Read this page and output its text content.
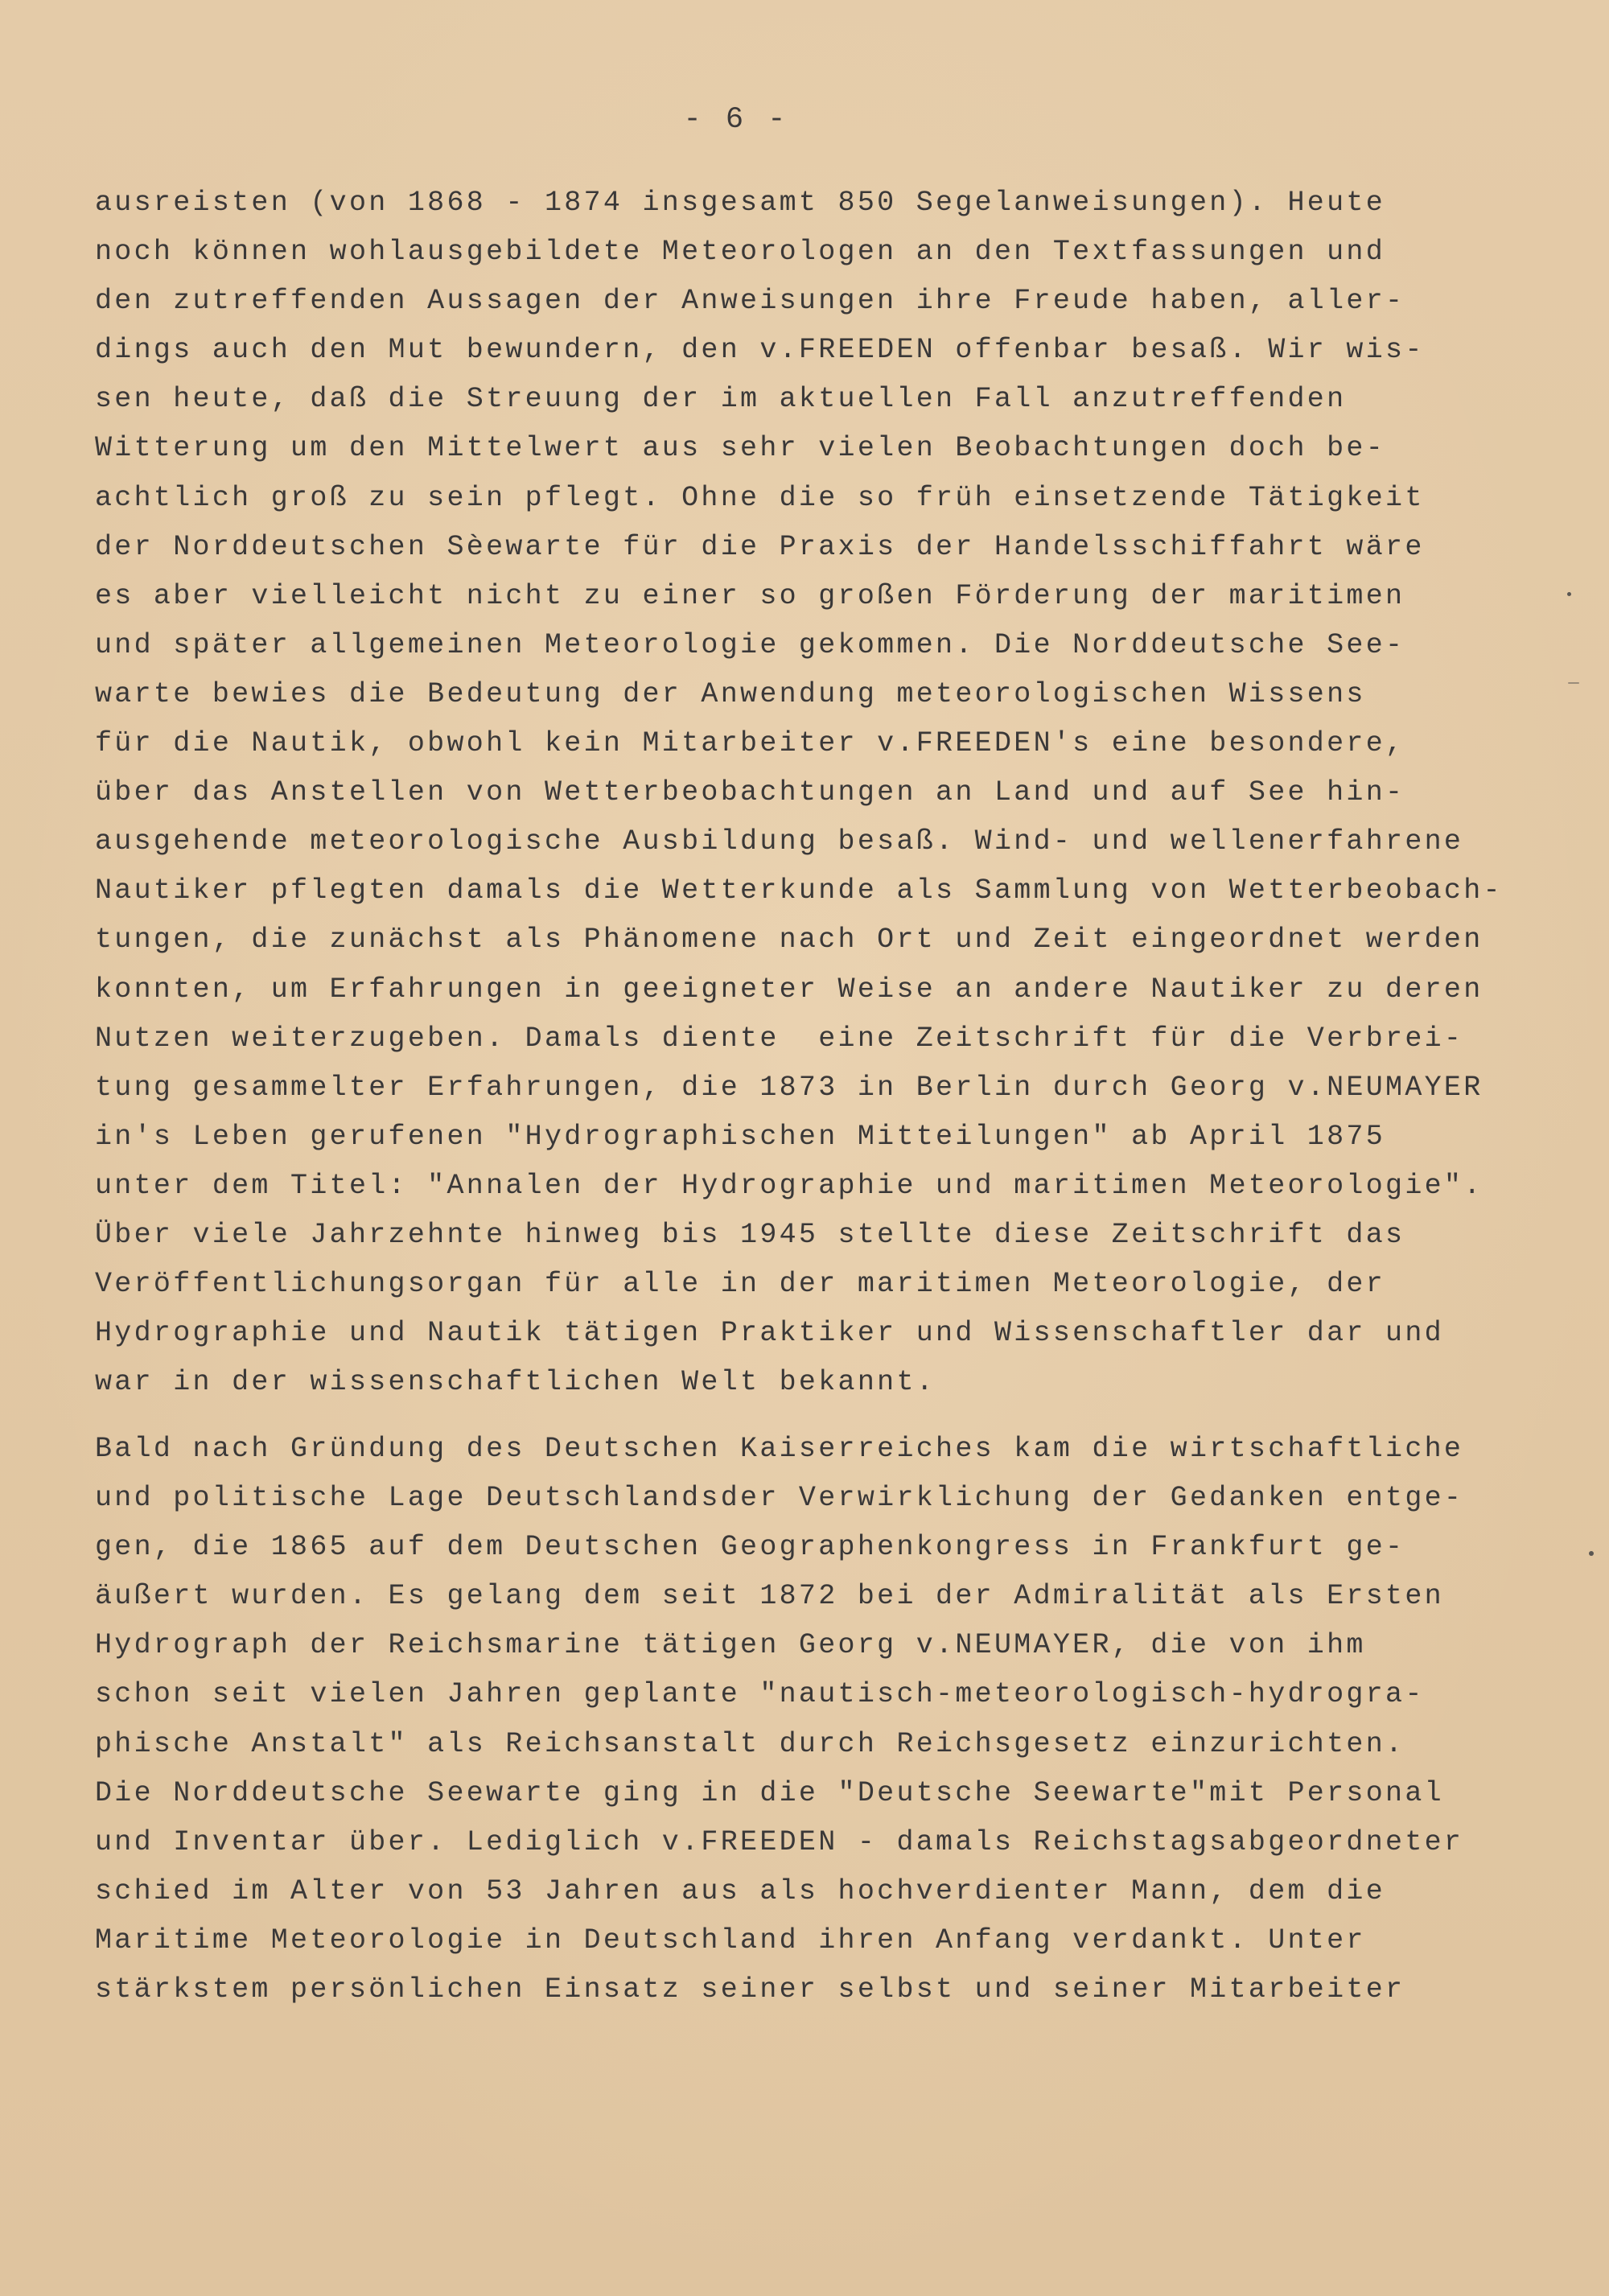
- 6 -
ausreisten (von 1868 - 1874 insgesamt 850 Segelanweisungen). Heute
noch können wohlausgebildete Meteorologen an den Textfassungen und
den zutreffenden Aussagen der Anweisungen ihre Freude haben, aller-
dings auch den Mut bewundern, den v.FREEDEN offenbar besaß. Wir wis-
sen heute, daß die Streuung der im aktuellen Fall anzutreffenden
Witterung um den Mittelwert aus sehr vielen Beobachtungen doch be-
achtlich groß zu sein pflegt. Ohne die so früh einsetzende Tätigkeit
der Norddeutschen Sèewarte für die Praxis der Handelsschiffahrt wäre
es aber vielleicht nicht zu einer so großen Förderung der maritimen
und später allgemeinen Meteorologie gekommen. Die Norddeutsche See-
warte bewies die Bedeutung der Anwendung meteorologischen Wissens
für die Nautik, obwohl kein Mitarbeiter v.FREEDEN's eine besondere,
über das Anstellen von Wetterbeobachtungen an Land und auf See hin-
ausgehende meteorologische Ausbildung besaß. Wind- und wellenerfahrene
Nautiker pflegten damals die Wetterkunde als Sammlung von Wetterbeobach-
tungen, die zunächst als Phänomene nach Ort und Zeit eingeordnet werden
konnten, um Erfahrungen in geeigneter Weise an andere Nautiker zu deren
Nutzen weiterzugeben. Damals diente  eine Zeitschrift für die Verbrei-
tung gesammelter Erfahrungen, die 1873 in Berlin durch Georg v.NEUMAYER
in's Leben gerufenen "Hydrographischen Mitteilungen" ab April 1875
unter dem Titel: "Annalen der Hydrographie und maritimen Meteorologie".
Über viele Jahrzehnte hinweg bis 1945 stellte diese Zeitschrift das
Veröffentlichungsorgan für alle in der maritimen Meteorologie, der
Hydrographie und Nautik tätigen Praktiker und Wissenschaftler dar und
war in der wissenschaftlichen Welt bekannt.
Bald nach Gründung des Deutschen Kaiserreiches kam die wirtschaftliche
und politische Lage Deutschlandsder Verwirklichung der Gedanken entge-
gen, die 1865 auf dem Deutschen Geographenkongress in Frankfurt ge-
äußert wurden. Es gelang dem seit 1872 bei der Admiralität als Ersten
Hydrograph der Reichsmarine tätigen Georg v.NEUMAYER, die von ihm
schon seit vielen Jahren geplante "nautisch-meteorologisch-hydrogra-
phische Anstalt" als Reichsanstalt durch Reichsgesetz einzurichten.
Die Norddeutsche Seewarte ging in die "Deutsche Seewarte"mit Personal
und Inventar über. Lediglich v.FREEDEN - damals Reichstagsabgeordneter
schied im Alter von 53 Jahren aus als hochverdienter Mann, dem die
Maritime Meteorologie in Deutschland ihren Anfang verdankt. Unter
stärkstem persönlichen Einsatz seiner selbst und seiner Mitarbeiter
